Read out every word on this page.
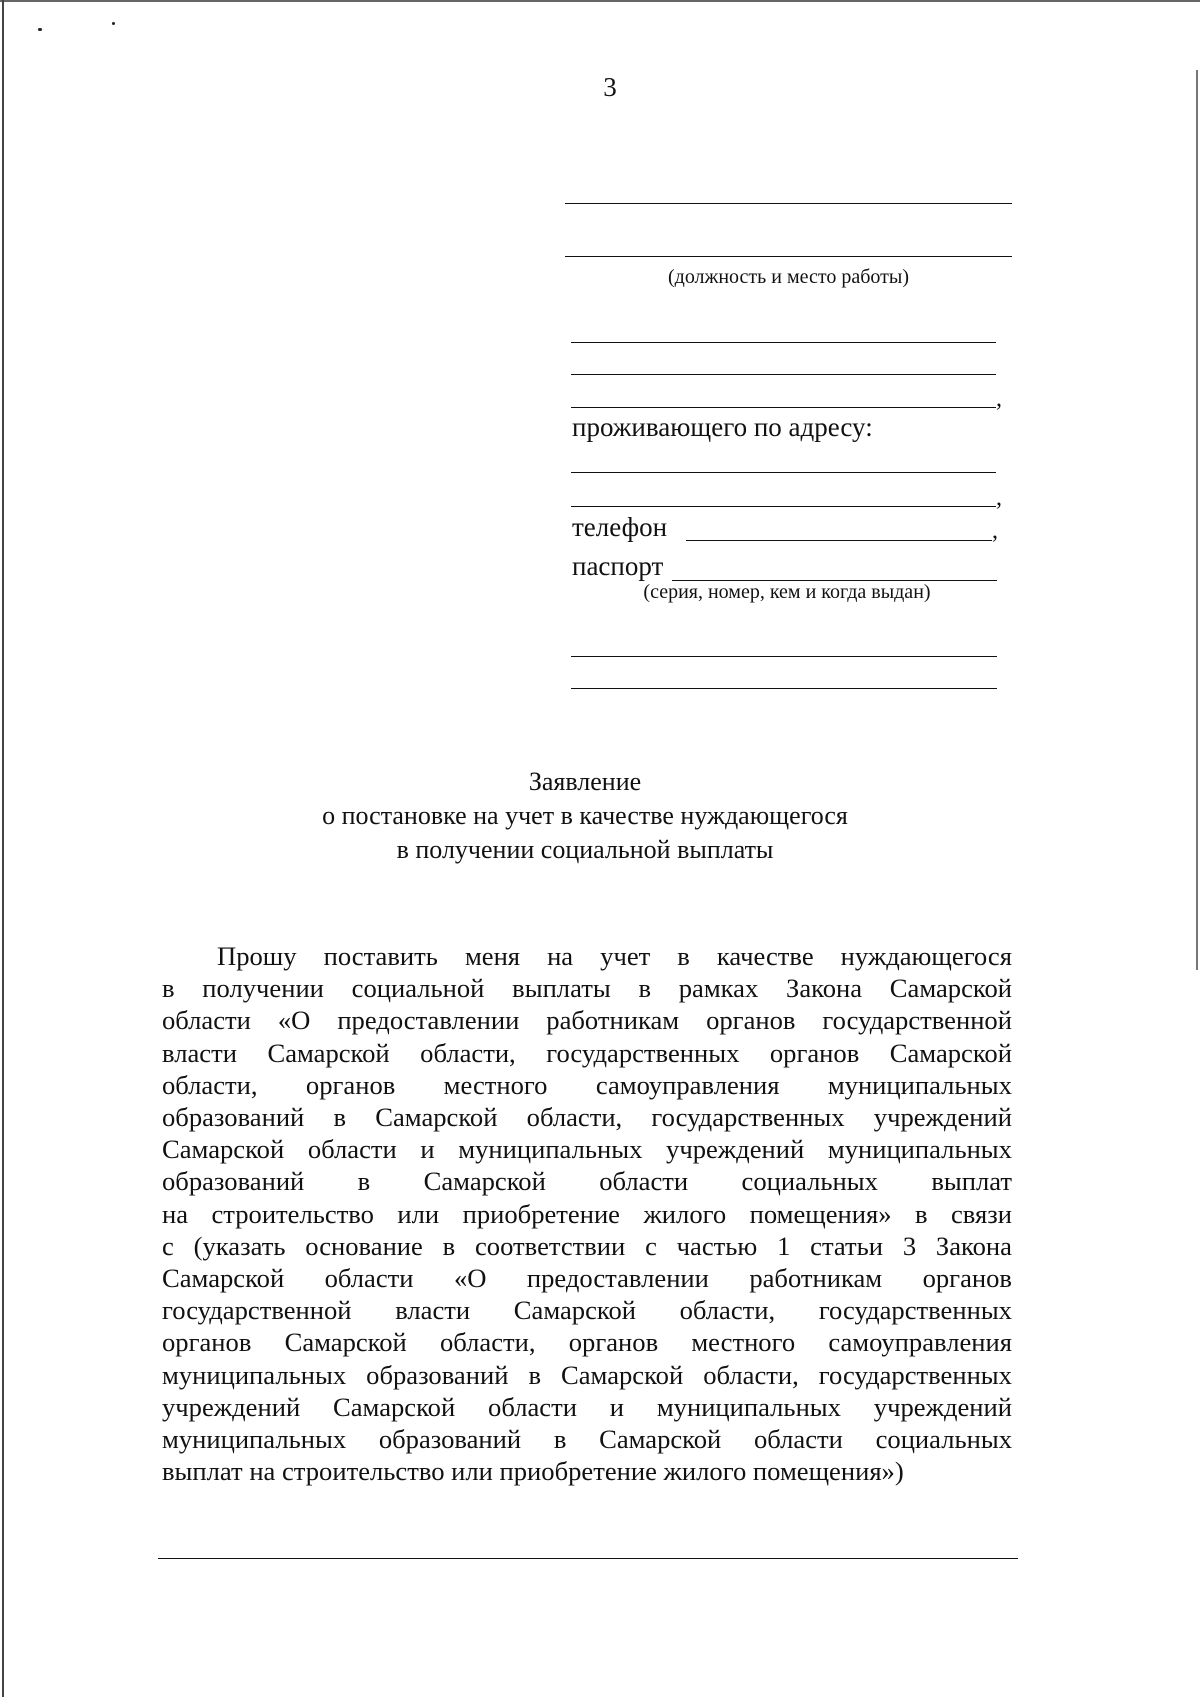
3
(должность и место работы)
,
проживающего по адресу:
,
телефон	,
паспорт
(серия, номер, кем и когда выдан)
Заявление
о постановке на учет в качестве нуждающегося
в получении социальной выплаты
Прошу поставить меня на учет в качестве нуждающегося
в получении социальной выплаты в рамках Закона Самарской
области «О предоставлении работникам органов государственной
власти Самарской области, государственных органов Самарской
области, органов местного самоуправления муниципальных
образований в Самарской области, государственных учреждений
Самарской области и муниципальных учреждений муниципальных
образований в Самарской области социальных выплат
на строительство или приобретение жилого помещения» в связи
с (указать основание в соответствии с частью 1 статьи 3 Закона
Самарской области «О предоставлении работникам органов
государственной власти Самарской области, государственных
органов Самарской области, органов местного самоуправления
муниципальных образований в Самарской области, государственных
учреждений Самарской области и муниципальных учреждений
муниципальных образований в Самарской области социальных
выплат на строительство или приобретение жилого помещения»)
